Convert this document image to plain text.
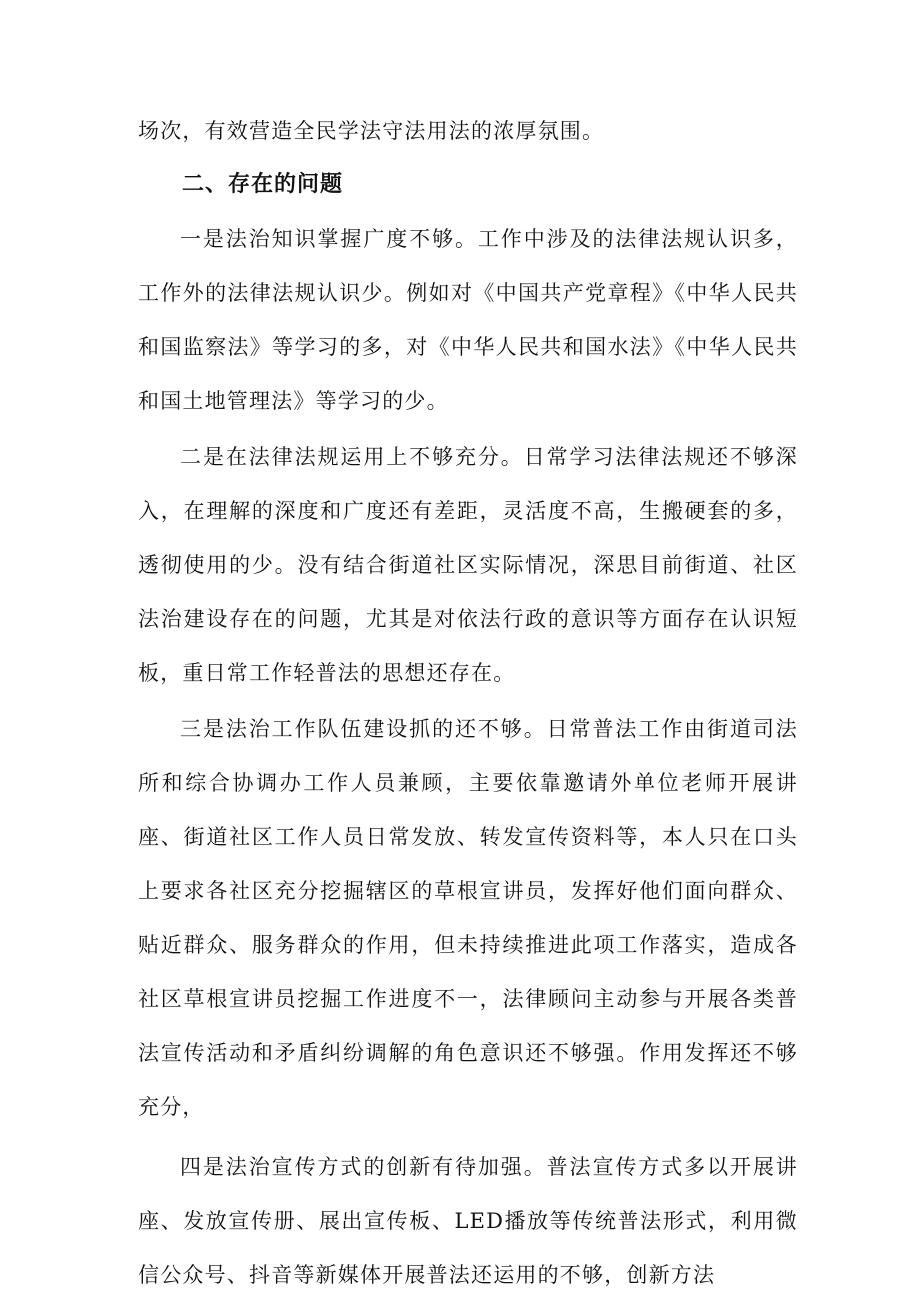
场次，有效营造全民学法守法用法的浓厚氛围。

二、存在的问题

一是法治知识掌握广度不够。工作中涉及的法律法规认识多，工作外的法律法规认识少。例如对《中国共产党章程》《中华人民共和国监察法》等学习的多，对《中华人民共和国水法》《中华人民共和国土地管理法》等学习的少。

二是在法律法规运用上不够充分。日常学习法律法规还不够深入，在理解的深度和广度还有差距，灵活度不高，生搬硬套的多，透彻使用的少。没有结合街道社区实际情况，深思目前街道、社区法治建设存在的问题，尤其是对依法行政的意识等方面存在认识短板，重日常工作轻普法的思想还存在。

三是法治工作队伍建设抓的还不够。日常普法工作由街道司法所和综合协调办工作人员兼顾，主要依靠邀请外单位老师开展讲座、街道社区工作人员日常发放、转发宣传资料等，本人只在口头上要求各社区充分挖掘辖区的草根宣讲员，发挥好他们面向群众、贴近群众、服务群众的作用，但未持续推进此项工作落实，造成各社区草根宣讲员挖掘工作进度不一，法律顾问主动参与开展各类普法宣传活动和矛盾纠纷调解的角色意识还不够强。作用发挥还不够充分，

四是法治宣传方式的创新有待加强。普法宣传方式多以开展讲座、发放宣传册、展出宣传板、LED播放等传统普法形式，利用微信公众号、抖音等新媒体开展普法还运用的不够，创新方法
